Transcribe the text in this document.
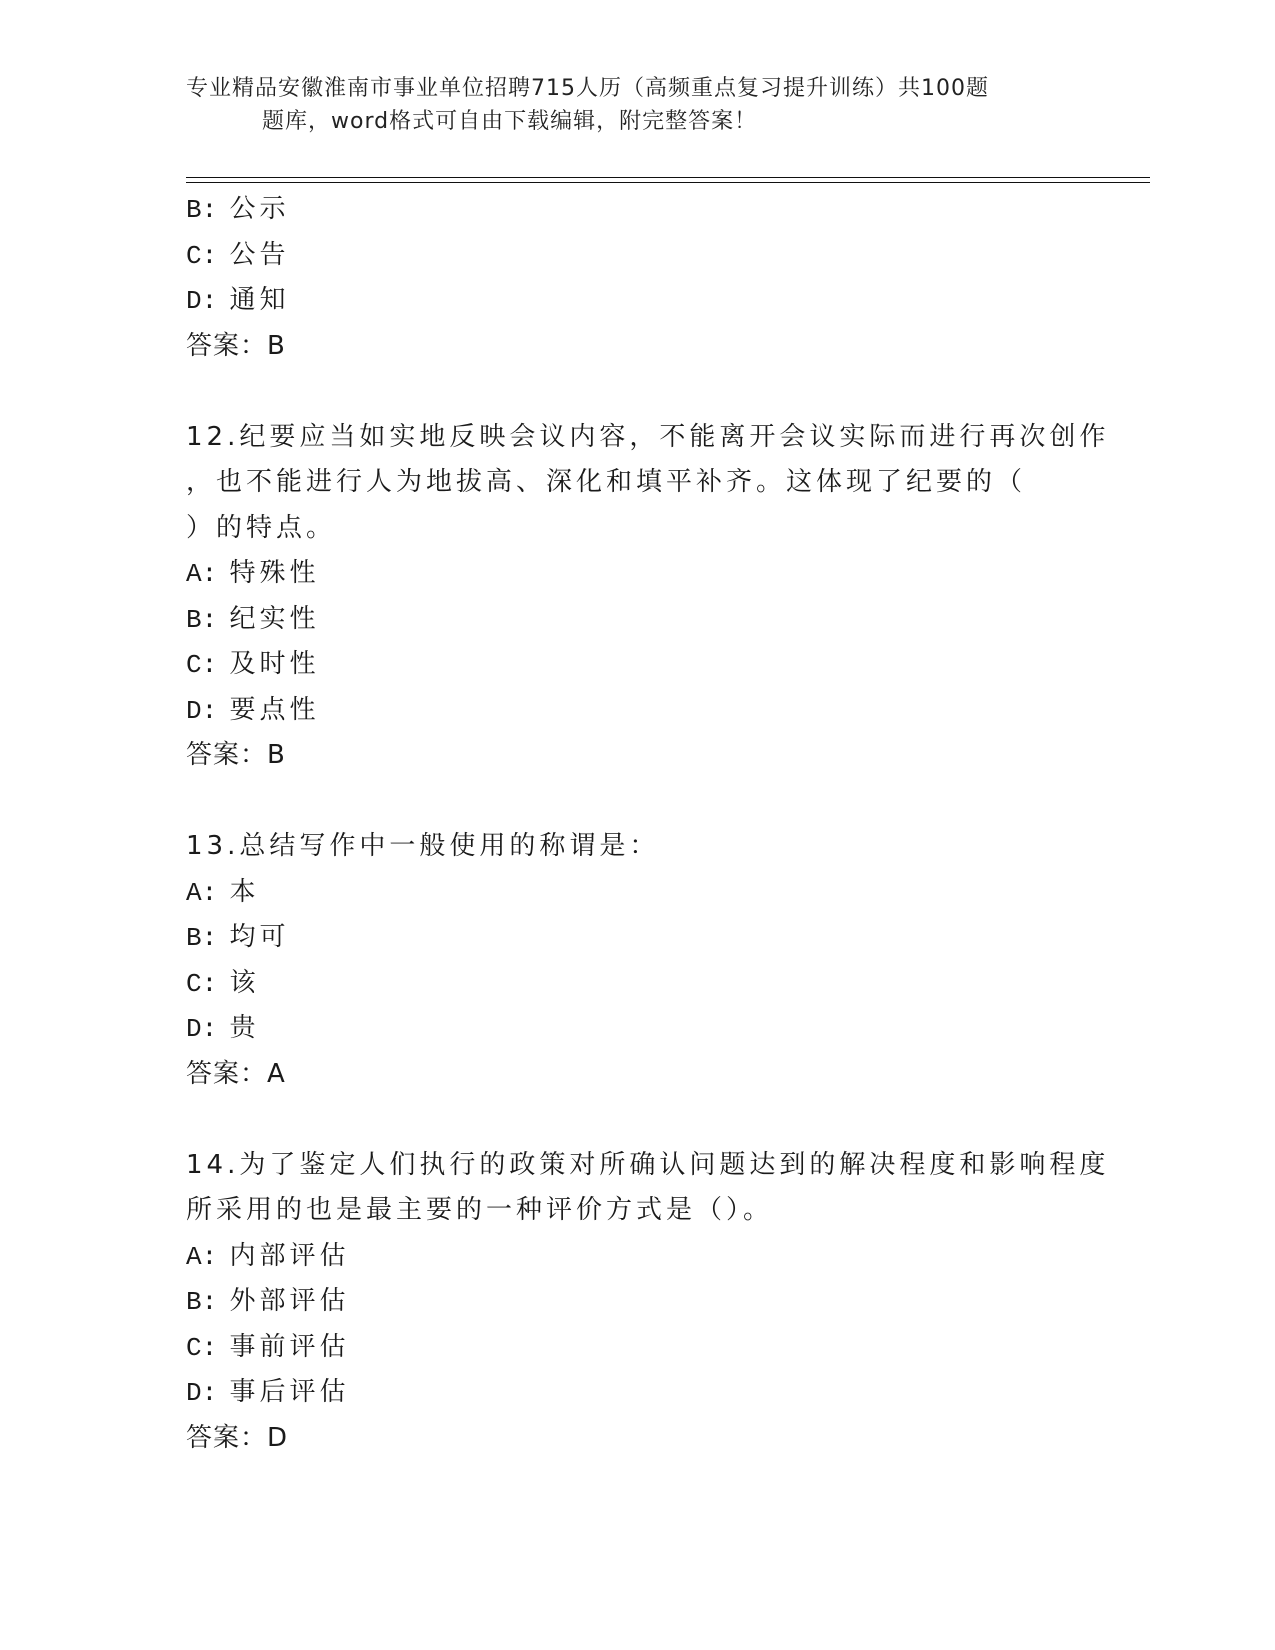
专业精品安徽淮南市事业单位招聘715人历（高频重点复习提升训练）共100题

题库，word格式可自由下载编辑，附完整答案！
B: 公示
C: 公告
D: 通知
答案：B
12.纪要应当如实地反映会议内容，不能离开会议实际而进行再次创作
，也不能进行人为地拔高、深化和填平补齐。这体现了纪要的（
）的特点。
A: 特殊性
B: 纪实性
C: 及时性
D: 要点性
答案：B
13.总结写作中一般使用的称谓是：
A: 本
B: 均可
C: 该
D: 贵
答案：A
14.为了鉴定人们执行的政策对所确认问题达到的解决程度和影响程度
所采用的也是最主要的一种评价方式是（）。
A: 内部评估
B: 外部评估
C: 事前评估
D: 事后评估
答案：D
